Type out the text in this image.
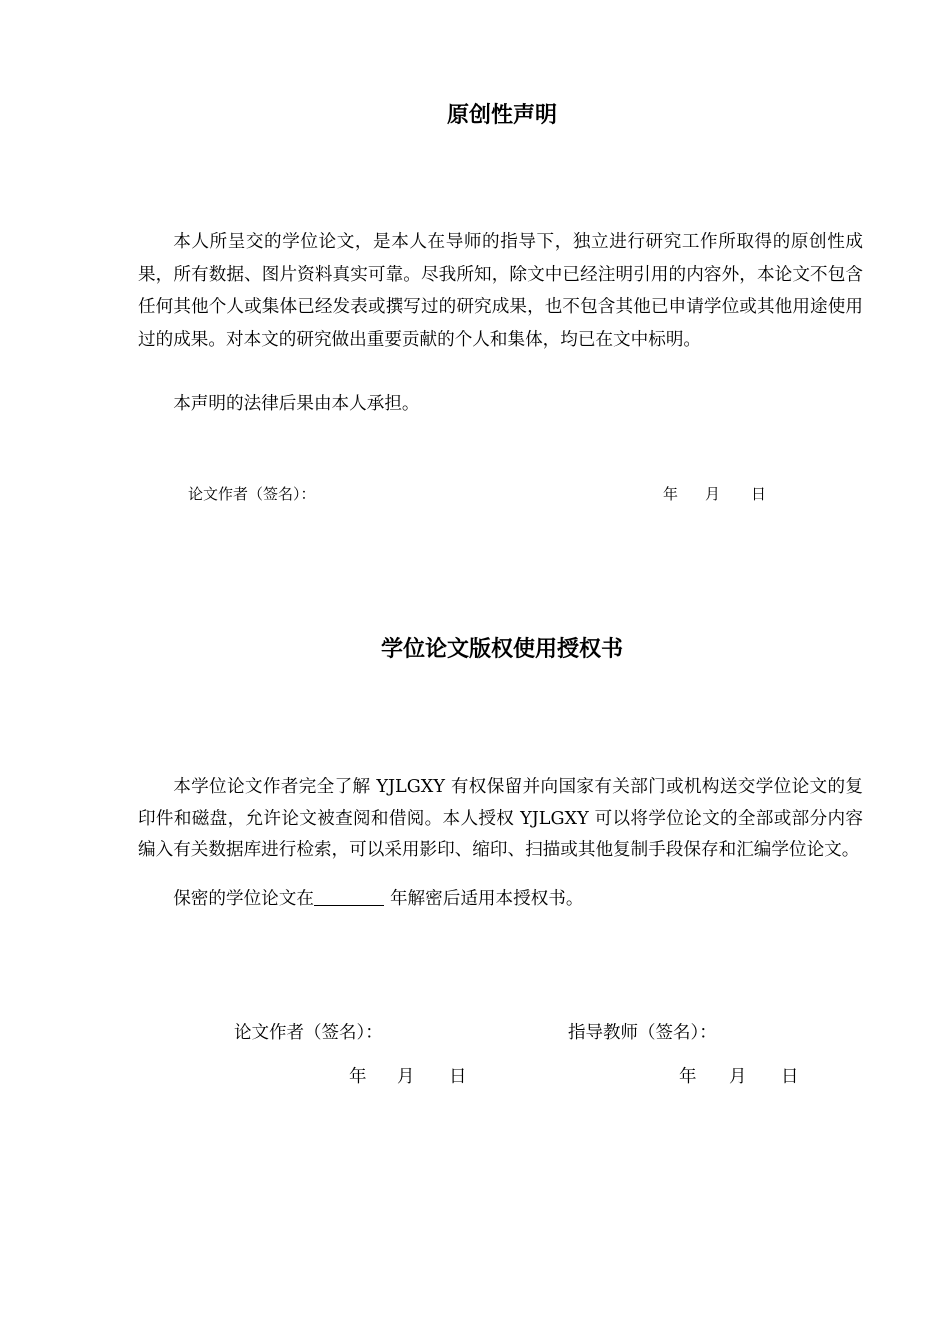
原创性声明

本人所呈交的学位论文，是本人在导师的指导下，独立进行研究工作所取得的原创性成果，所有数据、图片资料真实可靠。尽我所知，除文中已经注明引用的内容外，本论文不包含任何其他个人或集体已经发表或撰写过的研究成果，也不包含其他已申请学位或其他用途使用过的成果。对本文的研究做出重要贡献的个人和集体，均已在文中标明。

本声明的法律后果由本人承担。

论文作者（签名）：	年 月 日
学位论文版权使用授权书

本学位论文作者完全了解 YJLGXY 有权保留并向国家有关部门或机构送交学位论文的复印件和磁盘，允许论文被查阅和借阅。本人授权 YJLGXY 可以将学位论文的全部或部分内容编入有关数据库进行检索，可以采用影印、缩印、扫描或其他复制手段保存和汇编学位论文。

保密的学位论文在	年解密后适用本授权书。

论文作者（签名）：	指导教师（签名）：
年 月 日	年 月 日
